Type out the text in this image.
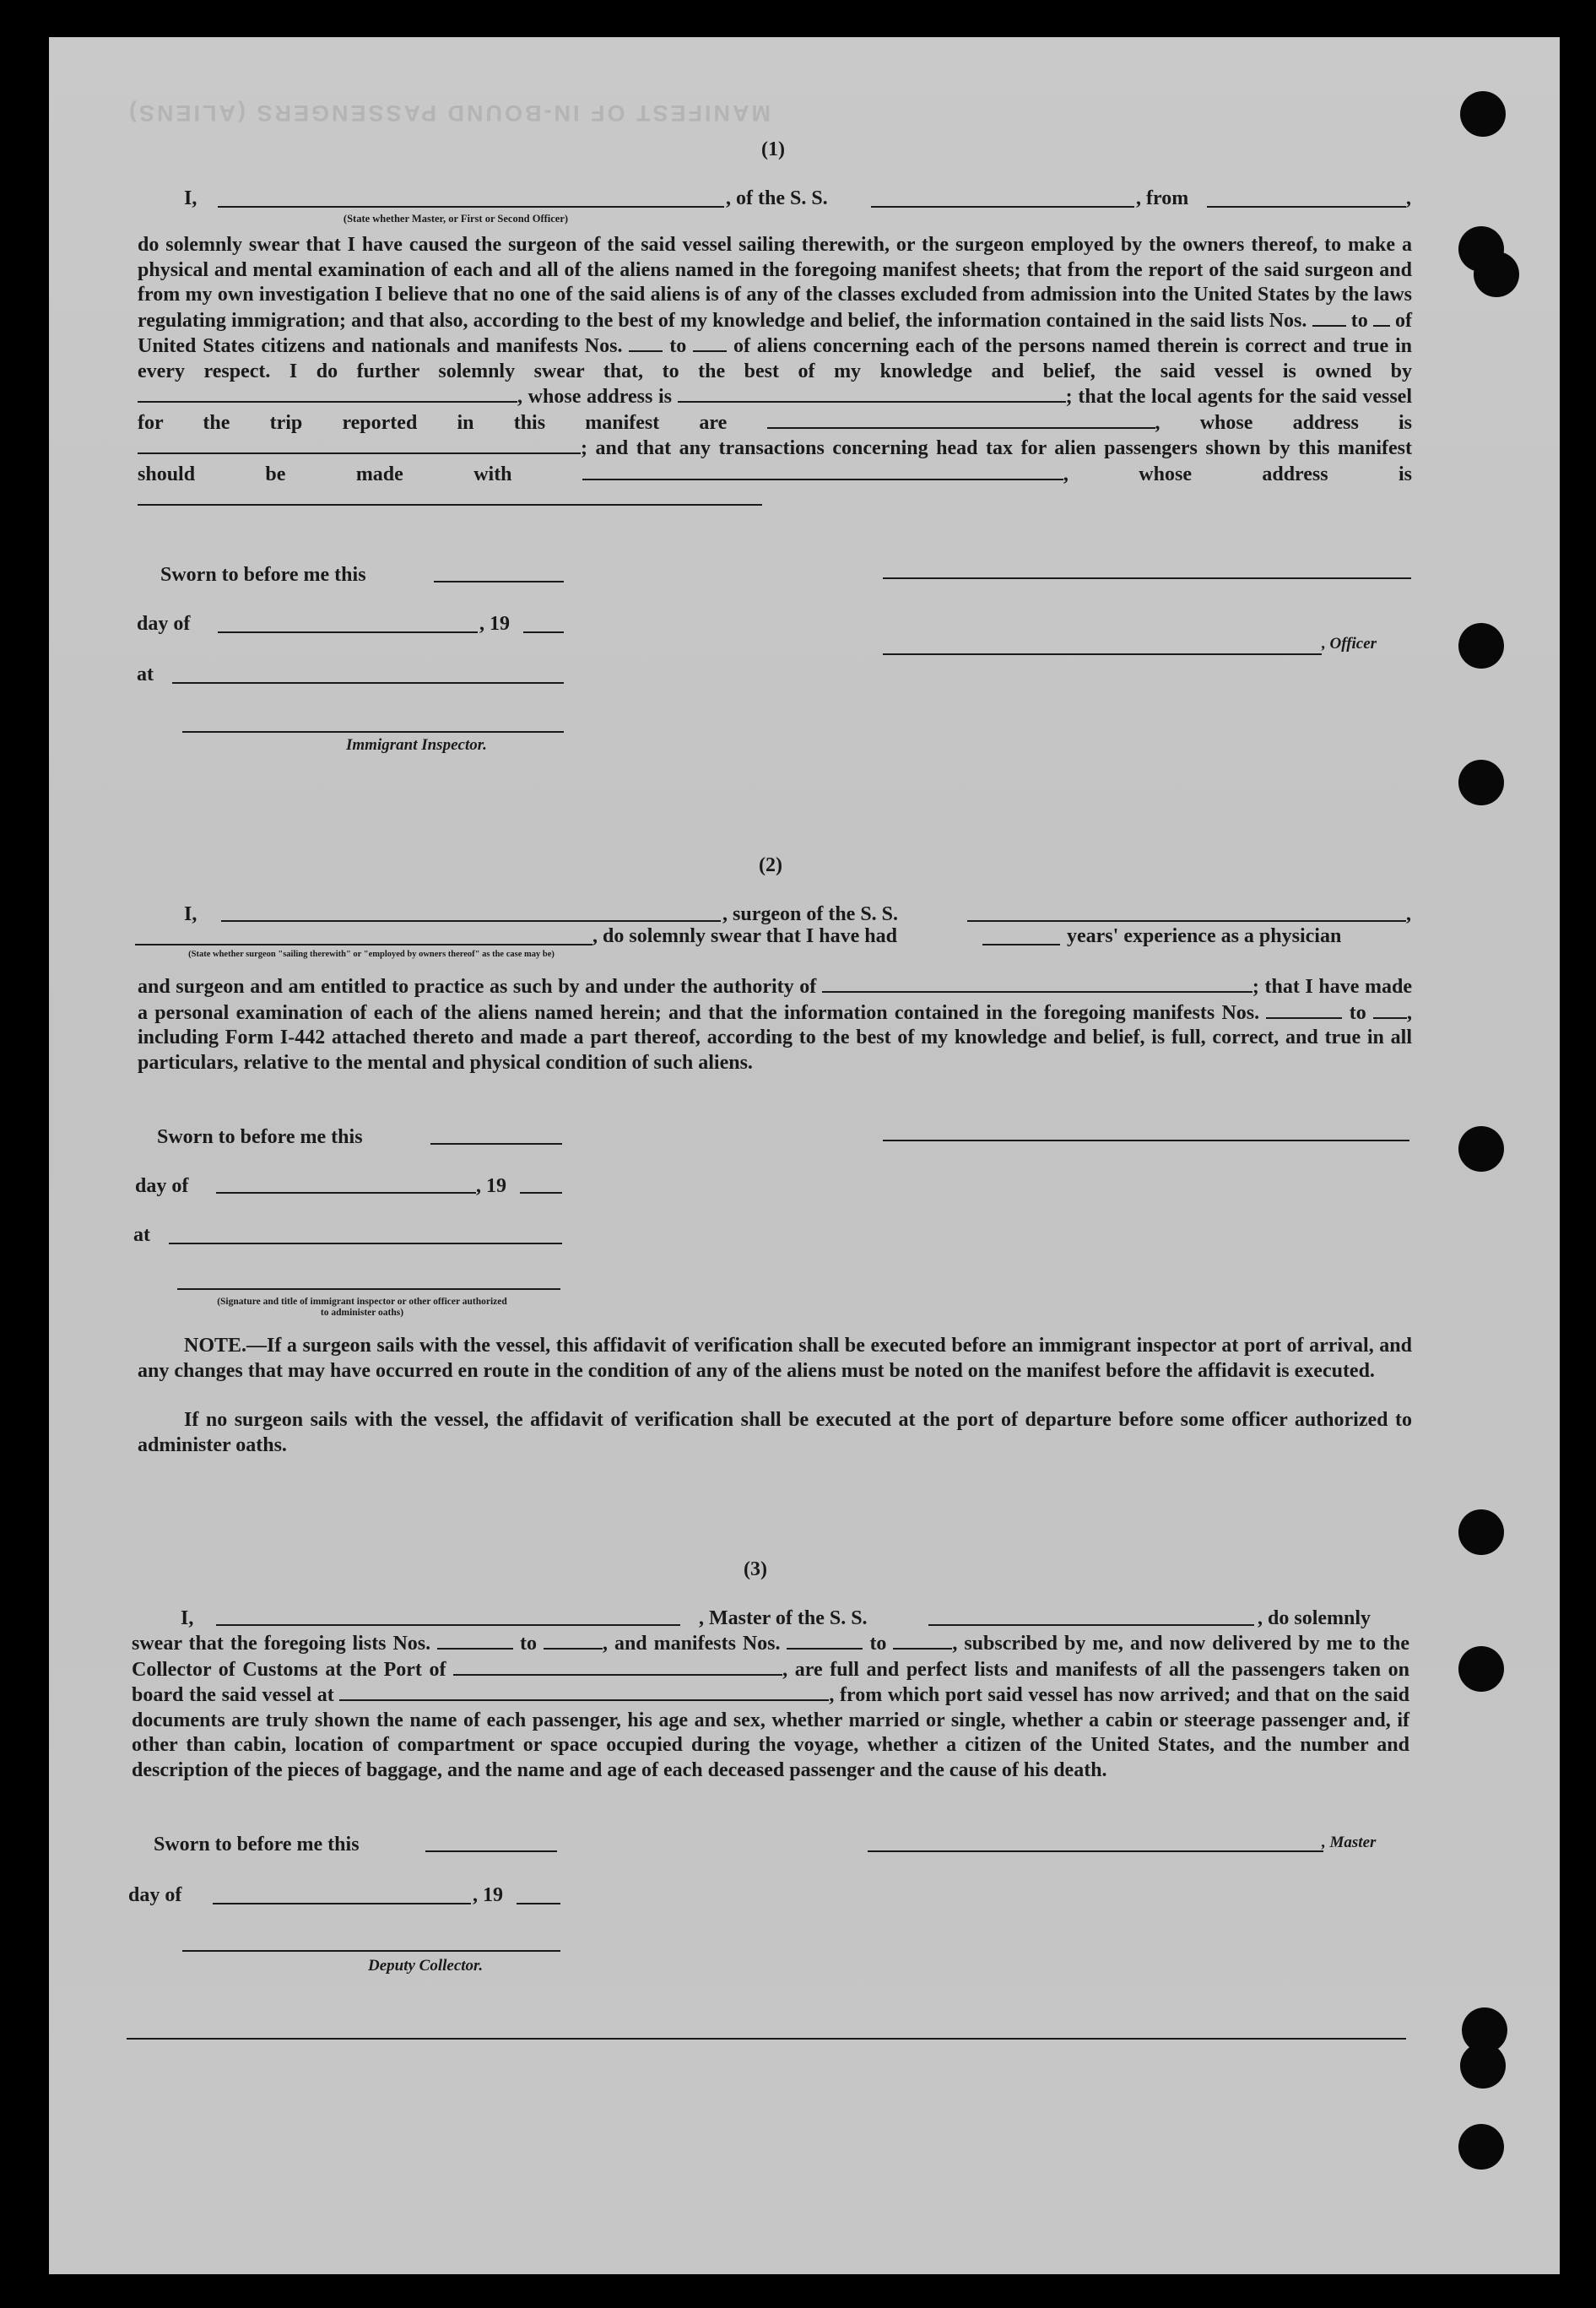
MANIFEST OF IN-BOUND PASSENGERS (ALIENS)
(1)
I,	, of the S. S.	, from	,
(State whether Master, or First or Second Officer)
do solemnly swear that I have caused the surgeon of the said vessel sailing therewith, or the surgeon employed by the owners thereof, to make a physical and mental examination of each and all of the aliens named in the foregoing manifest sheets; that from the report of the said surgeon and from my own investigation I believe that no one of the said aliens is of any of the classes excluded from admission into the United States by the laws regulating immigration; and that also, according to the best of my knowledge and belief, the information contained in the said lists Nos. to of United States citizens and nationals and manifests Nos. to of aliens concerning each of the persons named therein is correct and true in every respect. I do further solemnly swear that, to the best of my knowledge and belief, the said vessel is owned by , whose address is	; that the local agents for the said vessel for the trip reported in this manifest are	, whose address is ; and that any transactions concerning head tax for alien passengers shown by this manifest should be made with	, whose address is
Sworn to before me this
day of	, 19
, Officer
at
Immigrant Inspector.
(2)
I,	, surgeon of the S. S.	,
, do solemnly swear that I have had	years' experience as a physician
(State whether surgeon "sailing therewith" or "employed by owners thereof" as the case may be)
and surgeon and am entitled to practice as such by and under the authority of	; that I have made a personal examination of each of the aliens named herein; and that the information contained in the foregoing manifests Nos.	to , including Form I-442 attached thereto and made a part thereof, according to the best of my knowledge and belief, is full, correct, and true in all particulars, relative to the mental and physical condition of such aliens.
Sworn to before me this
day of	, 19
at
(Signature and title of immigrant inspector or other officer authorized to administer oaths)
NOTE.—If a surgeon sails with the vessel, this affidavit of verification shall be executed before an immigrant inspector at port of arrival, and any changes that may have occurred en route in the condition of any of the aliens must be noted on the manifest before the affidavit is executed.
If no surgeon sails with the vessel, the affidavit of verification shall be executed at the port of departure before some officer authorized to administer oaths.
(3)
I,	, Master of the S. S.	, do solemnly
swear that the foregoing lists Nos.	to	, and manifests Nos.	to	, subscribed by me, and now delivered by me to the Collector of Customs at the Port of	, are full and perfect lists and manifests of all the passengers taken on board the said vessel at	, from which port said vessel has now arrived; and that on the said documents are truly shown the name of each passenger, his age and sex, whether married or single, whether a cabin or steerage passenger and, if other than cabin, location of compartment or space occupied during the voyage, whether a citizen of the United States, and the number and description of the pieces of baggage, and the name and age of each deceased passenger and the cause of his death.
Sworn to before me this	, Master
day of	, 19
Deputy Collector.
